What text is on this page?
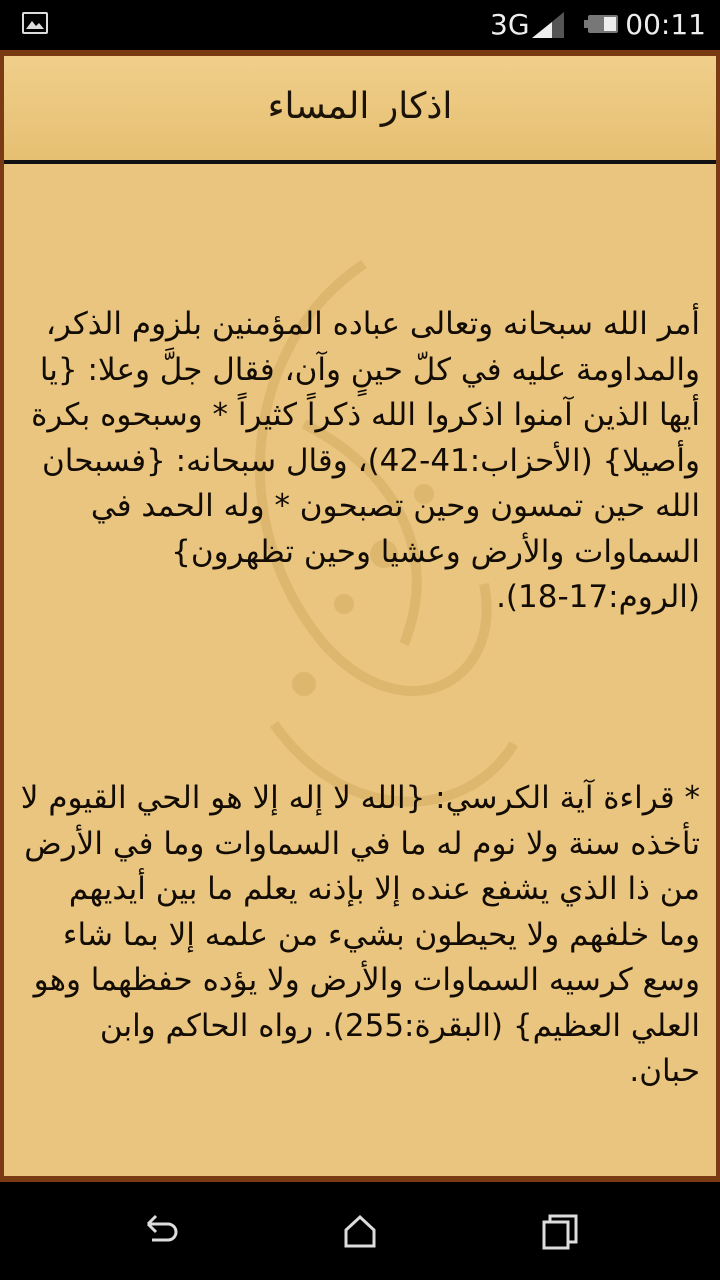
3G	00:11
اذكار المساء
أمر الله سبحانه وتعالى عباده المؤمنين بلزوم الذكر، والمداومة عليه في كلّ حينٍ وآن، فقال جلَّ وعلا: {يا أيها الذين آمنوا اذكروا الله ذكراً كثيراً * وسبحوه بكرة وأصيلا} (الأحزاب:41-42)، وقال سبحانه: {فسبحان الله حين تمسون وحين تصبحون * وله الحمد في السماوات والأرض وعشيا وحين تظهرون} (الروم:17-18).
* قراءة آية الكرسي: {الله لا إله إلا هو الحي القيوم لا تأخذه سنة ولا نوم له ما في السماوات وما في الأرض من ذا الذي يشفع عنده إلا بإذنه يعلم ما بين أيديهم وما خلفهم ولا يحيطون بشيء من علمه إلا بما شاء وسع كرسيه السماوات والأرض ولا يؤده حفظهما وهو العلي العظيم} (البقرة:255). رواه الحاكم وابن حبان.
